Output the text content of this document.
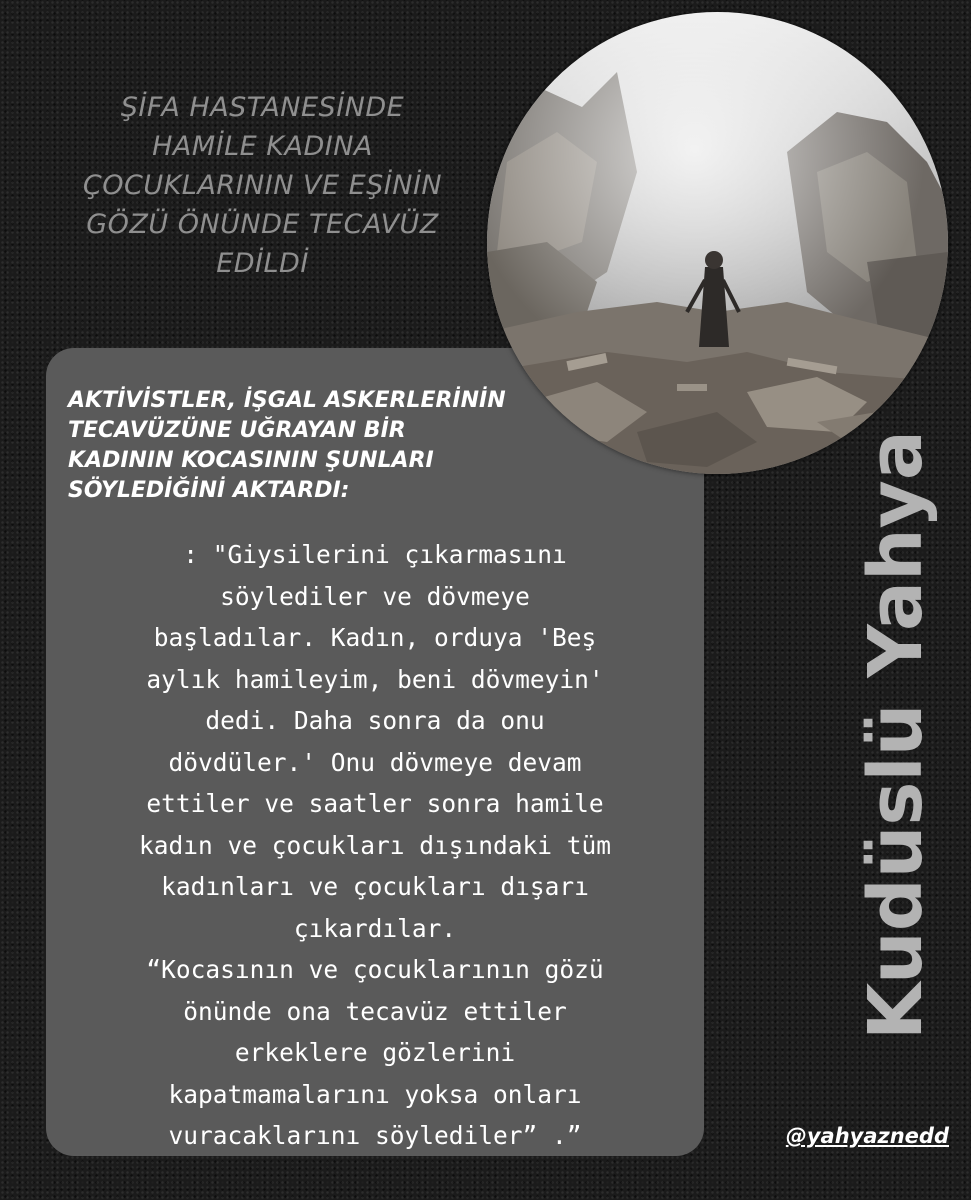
ŞİFA HASTANESİNDE
HAMİLE KADINA
ÇOCUKLARININ VE EŞİNİN
GÖZÜ ÖNÜNDE TECAVÜZ
EDİLDİ
AKTİVİSTLER, İŞGAL ASKERLERİNİN
TECAVÜZÜNE UĞRAYAN BİR
KADININ KOCASININ ŞUNLARI
SÖYLEDİĞİNİ AKTARDI:
: "Giysilerini çıkarmasını
söylediler ve dövmeye
başladılar. Kadın, orduya 'Beş
aylık hamileyim, beni dövmeyin'
dedi. Daha sonra da onu
dövdüler.' Onu dövmeye devam
ettiler ve saatler sonra hamile
kadın ve çocukları dışındaki tüm
kadınları ve çocukları dışarı
çıkardılar.
“Kocasının ve çocuklarının gözü
önünde ona tecavüz ettiler
erkeklere gözlerini
kapatmamalarını yoksa onları
vuracaklarını söylediler” .”
Kudüslü Yahya
@yahyaznedd
